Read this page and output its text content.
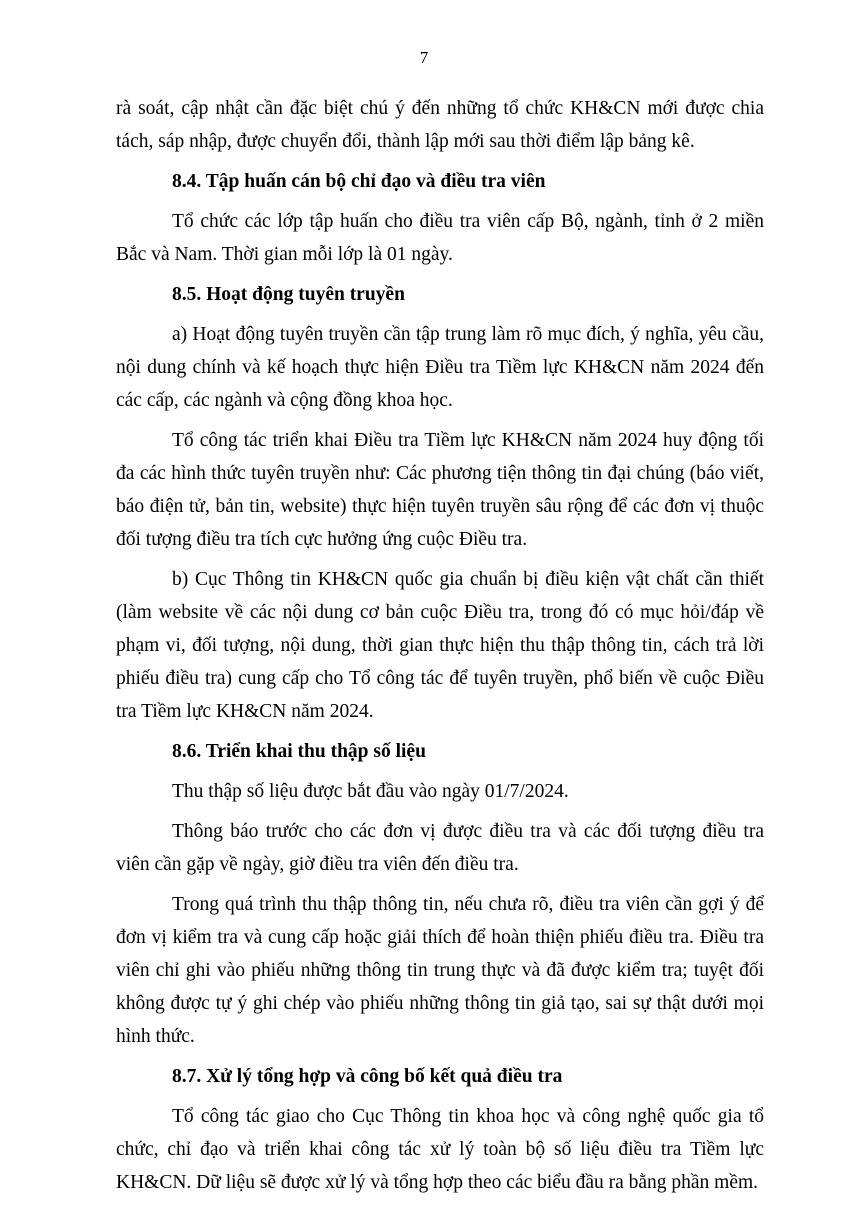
7

rà soát, cập nhật cần đặc biệt chú ý đến những tổ chức KH&CN mới được chia tách, sáp nhập, được chuyển đổi, thành lập mới sau thời điểm lập bảng kê.

8.4. Tập huấn cán bộ chỉ đạo và điều tra viên

Tổ chức các lớp tập huấn cho điều tra viên cấp Bộ, ngành, tỉnh ở 2 miền Bắc và Nam. Thời gian mỗi lớp là 01 ngày.

8.5. Hoạt động tuyên truyền

a) Hoạt động tuyên truyền cần tập trung làm rõ mục đích, ý nghĩa, yêu cầu, nội dung chính và kế hoạch thực hiện Điều tra Tiềm lực KH&CN năm 2024 đến các cấp, các ngành và cộng đồng khoa học.

Tổ công tác triển khai Điều tra Tiềm lực KH&CN năm 2024 huy động tối đa các hình thức tuyên truyền như: Các phương tiện thông tin đại chúng (báo viết, báo điện tử, bản tin, website) thực hiện tuyên truyền sâu rộng để các đơn vị thuộc đối tượng điều tra tích cực hưởng ứng cuộc Điều tra.

b) Cục Thông tin KH&CN quốc gia chuẩn bị điều kiện vật chất cần thiết (làm website về các nội dung cơ bản cuộc Điều tra, trong đó có mục hỏi/đáp về phạm vi, đối tượng, nội dung, thời gian thực hiện thu thập thông tin, cách trả lời phiếu điều tra) cung cấp cho Tổ công tác để tuyên truyền, phổ biến về cuộc Điều tra Tiềm lực KH&CN năm 2024.

8.6. Triển khai thu thập số liệu

Thu thập số liệu được bắt đầu vào ngày 01/7/2024.

Thông báo trước cho các đơn vị được điều tra và các đối tượng điều tra viên cần gặp về ngày, giờ điều tra viên đến điều tra.

Trong quá trình thu thập thông tin, nếu chưa rõ, điều tra viên cần gợi ý để đơn vị kiểm tra và cung cấp hoặc giải thích để hoàn thiện phiếu điều tra. Điều tra viên chỉ ghi vào phiếu những thông tin trung thực và đã được kiểm tra; tuyệt đối không được tự ý ghi chép vào phiếu những thông tin giả tạo, sai sự thật dưới mọi hình thức.

8.7. Xử lý tổng hợp và công bố kết quả điều tra

Tổ công tác giao cho Cục Thông tin khoa học và công nghệ quốc gia tổ chức, chỉ đạo và triển khai công tác xử lý toàn bộ số liệu điều tra Tiềm lực KH&CN. Dữ liệu sẽ được xử lý và tổng hợp theo các biểu đầu ra bằng phần mềm.
